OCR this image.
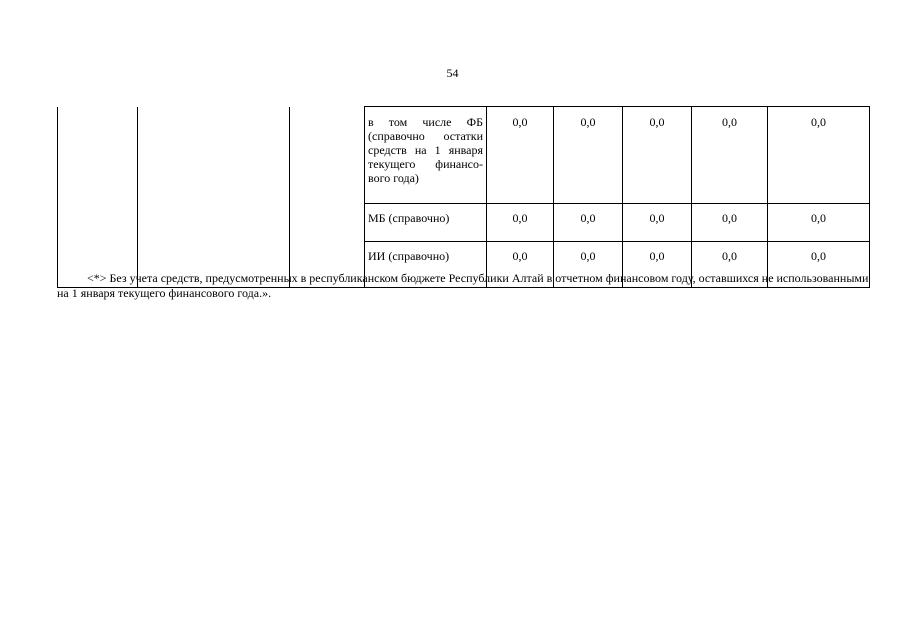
54
			в том числе ФБ (справочно остатки средств на 1 января текущего финансо-вого года)	0,0	0,0	0,0	0,0	0,0
			МБ (справочно)	0,0	0,0	0,0	0,0	0,0
			ИИ (справочно)	0,0	0,0	0,0	0,0	0,0
<*> Без учета средств, предусмотренных в республиканском бюджете Республики Алтай в отчетном финансовом году, оставшихся не использованными на 1 января текущего финансового года.».
